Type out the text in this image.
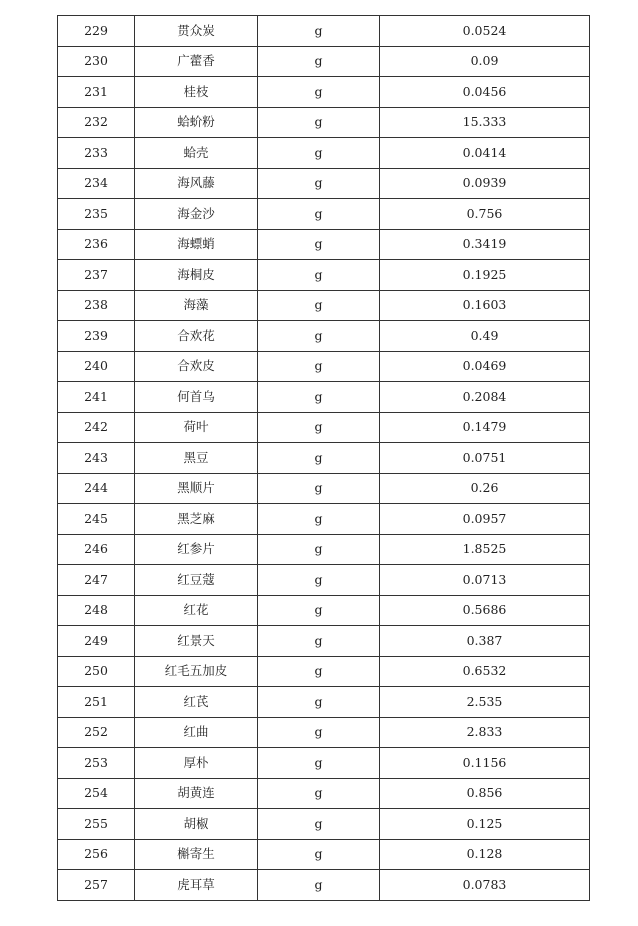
229	贯众炭	g	0.0524
230	广藿香	g	0.09
231	桂枝	g	0.0456
232	蛤蚧粉	g	15.333
233	蛤壳	g	0.0414
234	海风藤	g	0.0939
235	海金沙	g	0.756
236	海螵蛸	g	0.3419
237	海桐皮	g	0.1925
238	海藻	g	0.1603
239	合欢花	g	0.49
240	合欢皮	g	0.0469
241	何首乌	g	0.2084
242	荷叶	g	0.1479
243	黑豆	g	0.0751
244	黑顺片	g	0.26
245	黑芝麻	g	0.0957
246	红参片	g	1.8525
247	红豆蔻	g	0.0713
248	红花	g	0.5686
249	红景天	g	0.387
250	红毛五加皮	g	0.6532
251	红芪	g	2.535
252	红曲	g	2.833
253	厚朴	g	0.1156
254	胡黄连	g	0.856
255	胡椒	g	0.125
256	槲寄生	g	0.128
257	虎耳草	g	0.0783
